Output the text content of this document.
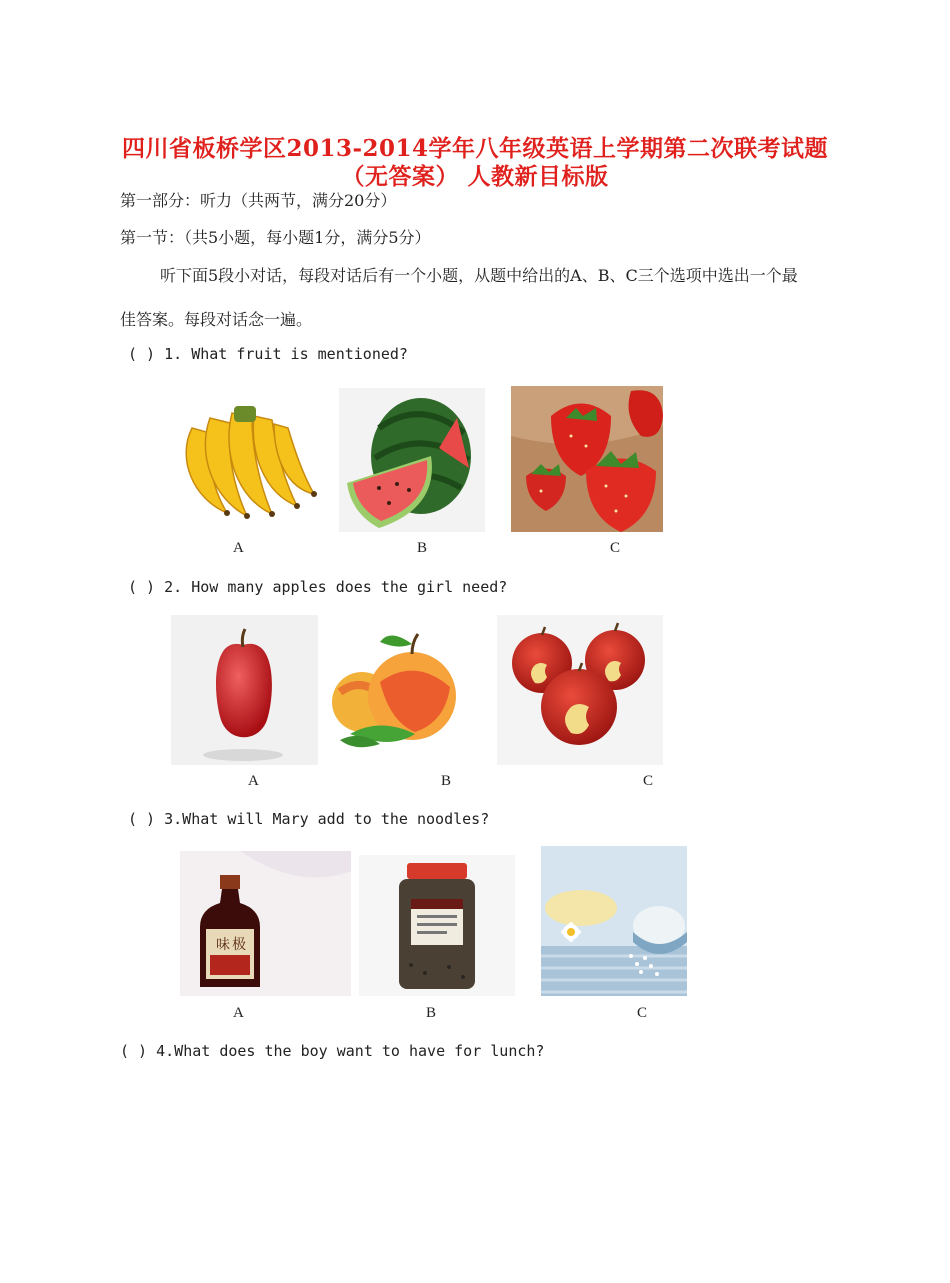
四川省板桥学区2013-2014学年八年级英语上学期第二次联考试题
（无答案） 人教新目标版
第一部分：听力（共两节，满分20分）
第一节：（共5小题，每小题1分，满分5分）
听下面5段小对话，每段对话后有一个小题，从题中给出的A、B、C三个选项中选出一个最
佳答案。每段对话念一遍。
( ) 1. What fruit is mentioned?
A	B	C
( ) 2. How many apples does the girl need?
A	B	C
( ) 3.What will Mary add to the noodles?
味 极
A	B	C
( ) 4.What does the boy want to have for lunch?
